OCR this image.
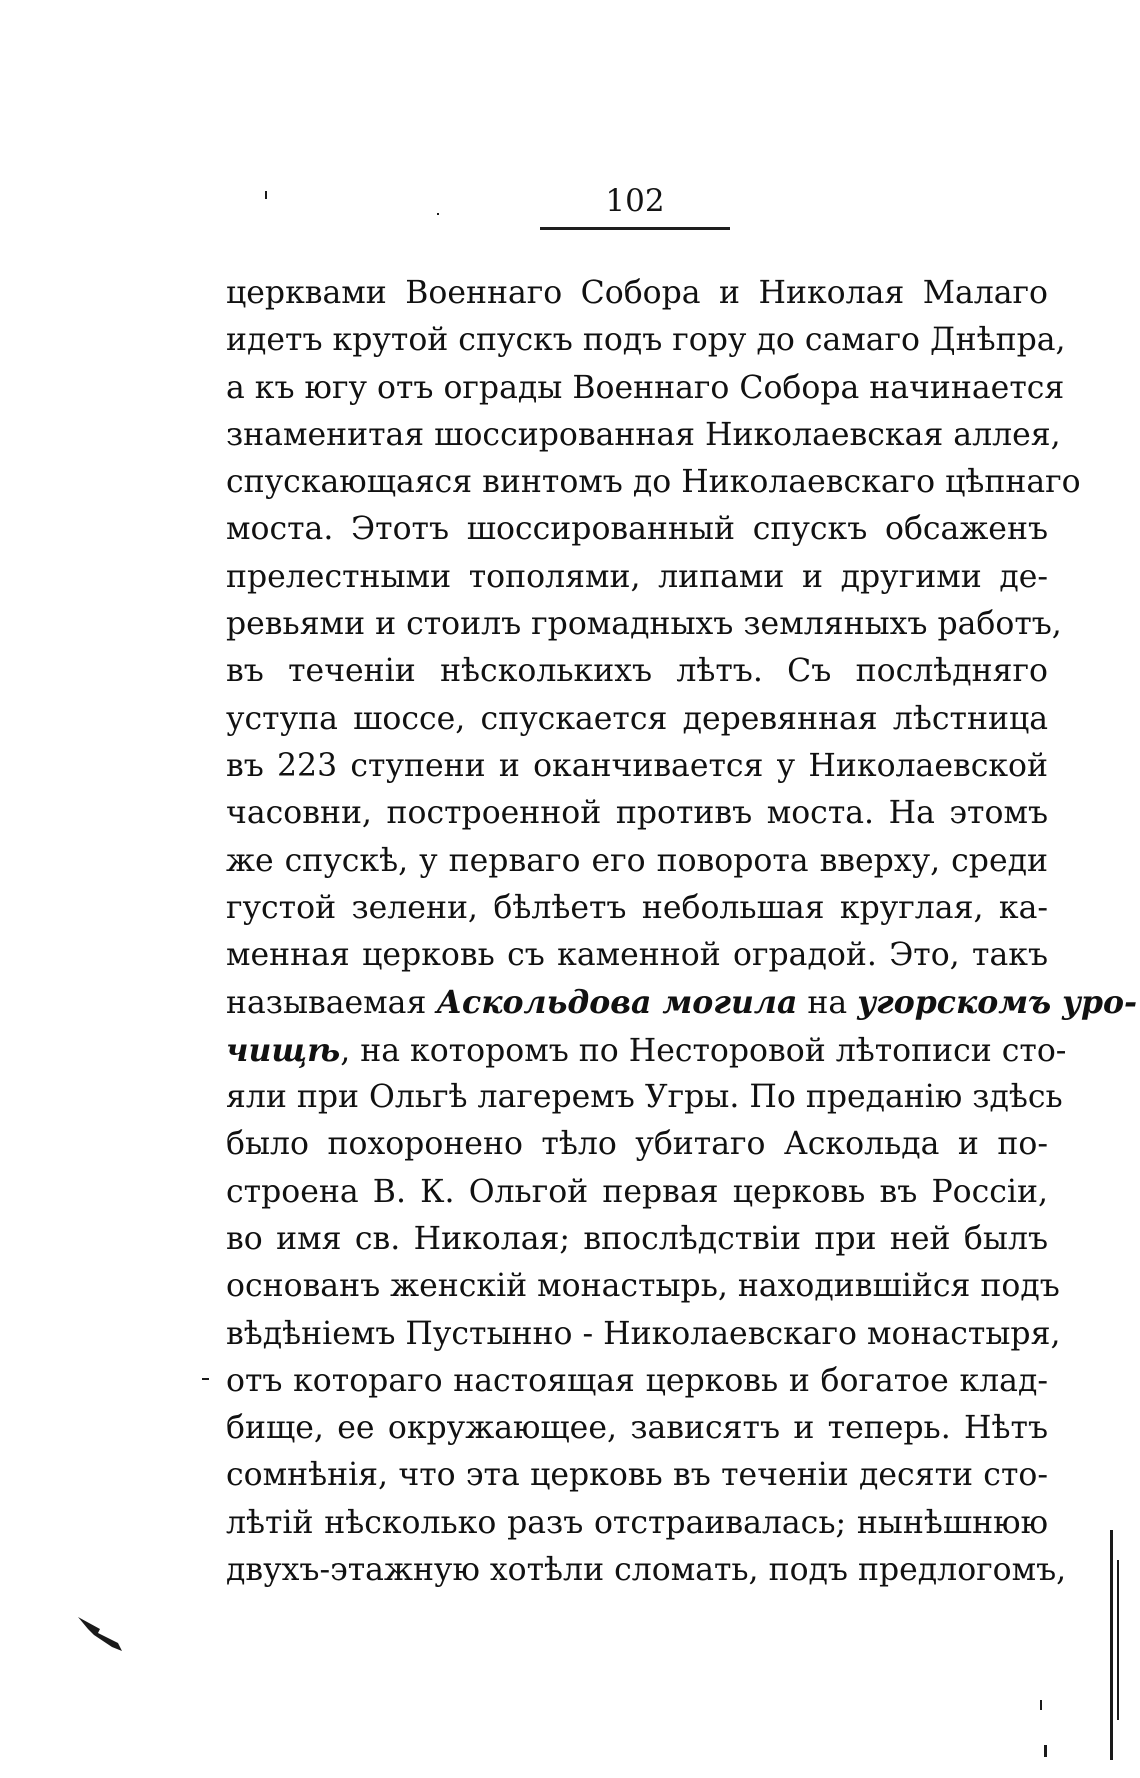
102
церквами Военнаго Собора и Николая Малаго
идетъ крутой спускъ подъ гору до самаго Днѣпра,
а къ югу отъ ограды Военнаго Собора начинается
знаменитая шоссированная Николаевская аллея,
спускающаяся винтомъ до Николаевскаго цѣпнаго
моста. Этотъ шоссированный спускъ обсаженъ
прелестными тополями, липами и другими де-
ревьями и стоилъ громадныхъ земляныхъ работъ,
въ теченіи нѣсколькихъ лѣтъ. Съ послѣдняго
уступа шоссе, спускается деревянная лѣстница
въ 223 ступени и оканчивается у Николаевской
часовни, построенной противъ моста. На этомъ
же спускѣ, у перваго его поворота вверху, среди
густой зелени, бѣлѣетъ небольшая круглая, ка-
менная церковь съ каменной оградой. Это, такъ
называемая Аскольдова могила на угорскомъ уро-
чищѣ, на которомъ по Несторовой лѣтописи сто-
яли при Ольгѣ лагеремъ Угры. По преданію здѣсь
было похоронено тѣло убитаго Аскольда и по-
строена В. К. Ольгой первая церковь въ Россіи,
во имя св. Николая; впослѣдствіи при ней былъ
основанъ женскій монастырь, находившійся подъ
вѣдѣніемъ Пустынно - Николаевскаго монастыря,
отъ котораго настоящая церковь и богатое клад-
бище, ее окружающее, зависятъ и теперь. Нѣтъ
сомнѣнія, что эта церковь въ теченіи десяти сто-
лѣтій нѣсколько разъ отстраивалась; нынѣшнюю
двухъ-этажную хотѣли сломать, подъ предлогомъ,
